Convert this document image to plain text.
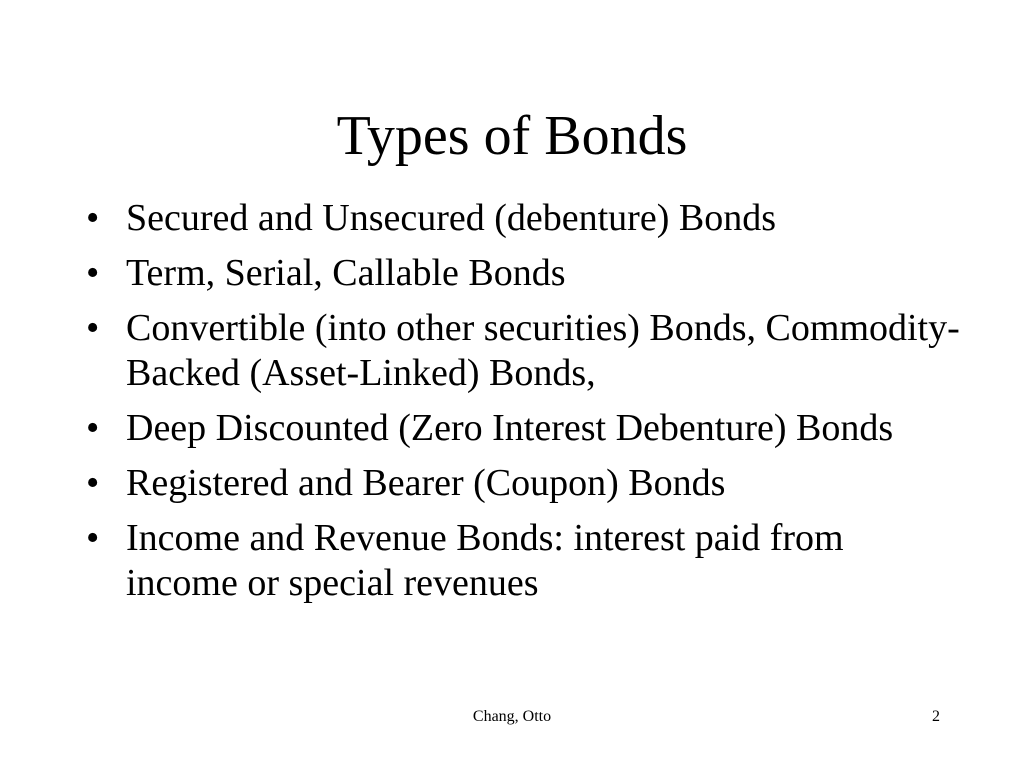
Types of Bonds
• Secured and Unsecured (debenture) Bonds
• Term, Serial, Callable Bonds
• Convertible (into other securities) Bonds, Commodity-Backed (Asset-Linked) Bonds,
• Deep Discounted (Zero Interest Debenture) Bonds
• Registered and Bearer (Coupon) Bonds
• Income and Revenue Bonds: interest paid from income or special revenues
Chang, Otto	2
